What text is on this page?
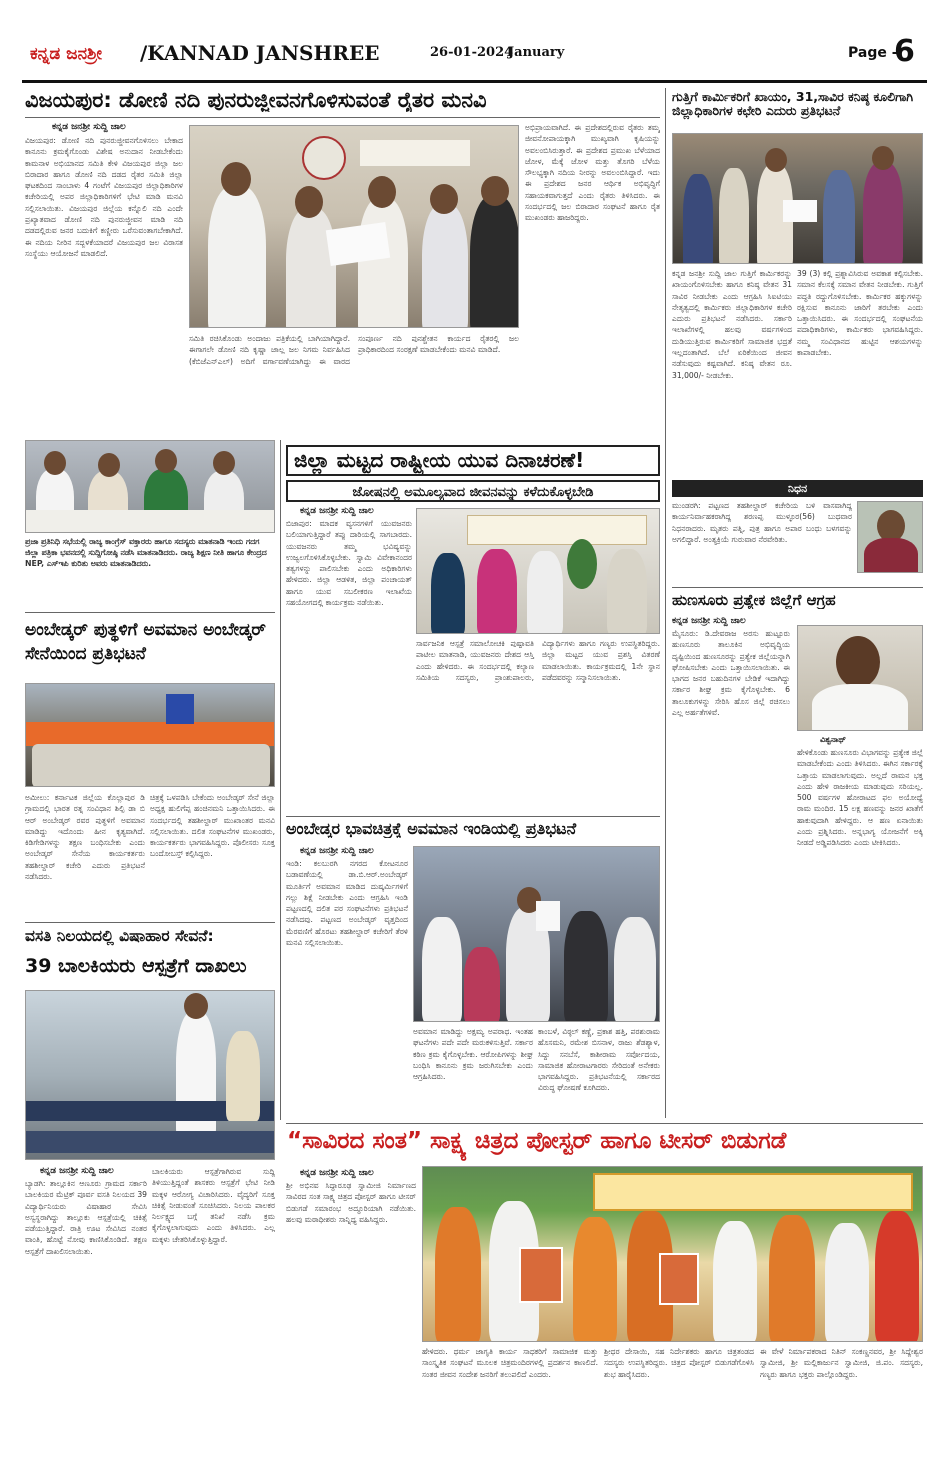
ಕನ್ನಡ ಜನಶ್ರೀ /KANNAD JANSHREE	26-01-2024
January	Page -
6
ವಿಜಯಪುರ: ಡೋಣಿ ನದಿ ಪುನರುಜ್ಜೀವನಗೊಳಿಸುವಂತೆ ರೈತರ ಮನವಿ
ಕನ್ನಡ ಜನಶ್ರೀ ಸುದ್ದಿ ಜಾಲ
ವಿಜಯಪುರ: ಡೋಣಿ ನದಿ ಪುನರುಜ್ಜೀವನಗೊಳಿಸಲು ಬೇಕಾದ ಕಾನೂನು ಕ್ರಮಕೈಗೊಂಡು ವಿಶೇಷ ಅನುದಾನ ನೀಡಬೇಕೆಂದು ಕಾಮನಾಳ ಅಭಿಯಾನದ ಸಮಿತಿ ಕೇಳಿ ವಿಜಯಪುರ ಜಿಲ್ಲಾ ಜಲ ಬಿರಾದಾರ ಹಾಗೂ ಡೋಣಿ ನದಿ ದಡದ ರೈತರ ಸಮಿತಿ ಜಿಲ್ಲಾ ಘಟಕದಿಂದ ಸಾಂಬಾಳು 4 ಗಂಟೆಗೆ ವಿಜಯಪುರ ಜಿಲ್ಲಾಧಿಕಾರಿಗಳ ಕಚೇರಿಯಲ್ಲಿ ಅಪರ ಜಿಲ್ಲಾಧಿಕಾರಿಗಳಿಗೆ ಭೇಟಿ ಮಾಡಿ ಮನವಿ ಸಲ್ಲಿಸಲಾಯಿತು. ವಿಜಯಪುರ ಜಿಲ್ಲೆಯ ಕನ್ನೊಲಿ ನದಿ ಎಂದೇ ಪ್ರಖ್ಯಾತವಾದ ಡೋಣಿ ನದಿ ಪುನರುಜ್ಜೀವನ ಮಾಡಿ ನದಿ ದಡದಲ್ಲಿರುವ ಜನರ ಬದುಕಿಗೆ ಕಣ್ಣೀರು ಒರೆಸುವಂತಾಗಬೇಕಾಗಿದೆ. ಈ ನದಿಯ ನೀರಿನ ಸದ್ಬಳಕೆಯಾದರೆ ವಿಜಯಪುರ ಜಲ ವಿರಾಸತ ಸಂಸ್ಥೆಯು ಆಯೋಜನೆ ಮಾಡಲಿದೆ.
ಸಮಿತಿ ರಚಿಸಿಕೊಂಡು ಅಂದಾಜು ಪತ್ರಿಕೆಯಲ್ಲಿ ಬಾಗಿಯಾಗಿದ್ದಾರೆ. ಈಗಾಗಲೇ ಡೋಣಿ ನದಿ ಕೃಷ್ಣಾ ಜಾಲ್ಲ ಜಲ ನಿಗಮ ನಿರ್ವಹಿಸಿದ (ಕೆಬಿಜೆಎನ್‌ಎಲ್) ಅದಿಗೆ ವರ್ಗಾವಣೆಯಾಗಿದ್ದು ಈ ವಾರದ ಸಂಪೂರ್ಣ ನದಿ ಪುನಶ್ಚೇತನ ಕಾರ್ಯದ ರೈತರಲ್ಲಿ ಜಲ ಪ್ರಾಧಿಕಾರದಿಂದ ಸಂರಕ್ಷಣೆ ಮಾಡಬೇಕೆಂದು ಮನವಿ ಮಾಡಿದೆ.
ಅಭಿಪ್ರಾಯವಾಗಿದೆ. ಈ ಪ್ರದೇಶದಲ್ಲಿರುವ ರೈತರು ತಮ್ಮ ಜೀವನೋಪಾಯಕ್ಕಾಗಿ ಮುಖ್ಯವಾಗಿ ಕೃಷಿಯನ್ನು ಅವಲಂಬಿಸಿರುತ್ತಾರೆ. ಈ ಪ್ರದೇಶದ ಪ್ರಮುಖ ಬೆಳೆಯಾದ ಜೋಳ, ಮೆಕ್ಕೆ ಜೋಳ ಮತ್ತು ತೊಗರಿ ಬೆಳೆಯ ಸೌಲಭ್ಯಕ್ಕಾಗಿ ನದಿಯ ನೀರನ್ನು ಅವಲಂಬಿಸಿದ್ದಾರೆ. ಇದು ಈ ಪ್ರದೇಶದ ಜನರ ಆರ್ಥಿಕ ಅಭಿವೃದ್ಧಿಗೆ ಸಹಾಯಕವಾಗುತ್ತದೆ ಎಂದು ರೈತರು ತಿಳಿಸಿದರು. ಈ ಸಂದರ್ಭದಲ್ಲಿ ಜಲ ಬಿರಾದಾರ ಸಂಘಟನೆ ಹಾಗೂ ರೈತ ಮುಖಂಡರು ಹಾಜರಿದ್ದರು.
ಗುತ್ತಿಗೆ ಕಾರ್ಮಿಕರಿಗೆ ಖಾಯಂ, 31,ಸಾವಿರ ಕನಿಷ್ಠ ಕೂಲಿಗಾಗಿ ಜಿಲ್ಲಾಧಿಕಾರಿಗಳ ಕಛೇರಿ ಎದುರು ಪ್ರತಿಭಟನೆ
ಕನ್ನಡ ಜನಶ್ರೀ ಸುದ್ದಿ ಜಾಲ ಗುತ್ತಿಗೆ ಕಾರ್ಮಿಕರನ್ನು ಖಾಯಂಗೊಳಿಸಬೇಕು ಹಾಗೂ ಕನಿಷ್ಠ ವೇತನ 31 ಸಾವಿರ ನೀಡಬೇಕು ಎಂದು ಆಗ್ರಹಿಸಿ ಸಿಐಟಿಯು ನೇತೃತ್ವದಲ್ಲಿ ಕಾರ್ಮಿಕರು ಜಿಲ್ಲಾಧಿಕಾರಿಗಳ ಕಚೇರಿ ಎದುರು ಪ್ರತಿಭಟನೆ ನಡೆಸಿದರು. ಸರ್ಕಾರಿ ಇಲಾಖೆಗಳಲ್ಲಿ ಹಲವು ವರ್ಷಗಳಿಂದ ದುಡಿಯುತ್ತಿರುವ ಕಾರ್ಮಿಕರಿಗೆ ಸಾಮಾಜಿಕ ಭದ್ರತೆ ಇಲ್ಲದಂತಾಗಿದೆ. ಬೆಲೆ ಏರಿಕೆಯಿಂದ ಜೀವನ ನಡೆಸುವುದು ಕಷ್ಟವಾಗಿದೆ. ಕನಿಷ್ಠ ವೇತನ ರೂ. 31,000/- ನೀಡಬೇಕು.
39 (3) ಕಲ್ಲಿ ಪ್ರಶ್ನಾವಿಸಿರುವ ಅವಕಾಶ ಕಲ್ಪಿಸಬೇಕು. ಸಮಾನ ಕೆಲಸಕ್ಕೆ ಸಮಾನ ವೇತನ ನೀಡಬೇಕು. ಗುತ್ತಿಗೆ ಪದ್ಧತಿ ರದ್ದುಗೊಳಿಸಬೇಕು. ಕಾರ್ಮಿಕರ ಹಕ್ಕುಗಳನ್ನು ರಕ್ಷಿಸುವ ಕಾನೂನು ಜಾರಿಗೆ ತರಬೇಕು ಎಂದು ಒತ್ತಾಯಿಸಿದರು. ಈ ಸಂದರ್ಭದಲ್ಲಿ ಸಂಘಟನೆಯ ಪದಾಧಿಕಾರಿಗಳು, ಕಾರ್ಮಿಕರು ಭಾಗವಹಿಸಿದ್ದರು. ನಮ್ಮ ಸಂವಿಧಾನದ ಹುಟ್ಟಿನ ಆಶಯಗಳನ್ನು ಕಾಪಾಡಬೇಕು.
ನಿಧನ
ಮುಂಡರಗಿ: ಪಟ್ಟಣದ ತಹಶೀಲ್ದಾರ್ ಕಚೇರಿಯ ಬಳಿ ವಾಸವಾಗಿದ್ದ ಕಾರ್ಯನಿರ್ವಾಹಕರಾಗಿದ್ದ ಶರಣಪ್ಪ ಮುಳ್ಳೂರ(56) ಬುಧವಾರ ನಿಧನರಾದರು. ಮೃತರು ಪತ್ನಿ, ಪುತ್ರ ಹಾಗೂ ಅಪಾರ ಬಂಧು ಬಳಗವನ್ನು ಅಗಲಿದ್ದಾರೆ. ಅಂತ್ಯಕ್ರಿಯೆ ಗುರುವಾರ ನೆರವೇರಿತು.
ಹುಣಸೂರು ಪ್ರತ್ಯೇಕ ಜಿಲ್ಲೆಗೆ ಆಗ್ರಹ
ಕನ್ನಡ ಜನಶ್ರೀ ಸುದ್ದಿ ಜಾಲ
ಮೈಸೂರು: ಡಿ.ದೇವರಾಜ ಅರಸು ಹುಟ್ಟೂರು ಹುಣಸೂರು ತಾಲೂಕಿನ ಅಭಿವೃದ್ಧಿಯ ದೃಷ್ಟಿಯಿಂದ ಹುಣಸೂರನ್ನು ಪ್ರತ್ಯೇಕ ಜಿಲ್ಲೆಯನ್ನಾಗಿ ಘೋಷಿಸಬೇಕು ಎಂದು ಒತ್ತಾಯಿಸಲಾಯಿತು. ಈ ಭಾಗದ ಜನರ ಬಹುದಿನಗಳ ಬೇಡಿಕೆ ಇದಾಗಿದ್ದು ಸರ್ಕಾರ ಶೀಘ್ರ ಕ್ರಮ ಕೈಗೊಳ್ಳಬೇಕು. 6 ತಾಲೂಕುಗಳನ್ನು ಸೇರಿಸಿ ಹೊಸ ಜಿಲ್ಲೆ ರಚಿಸಲು ಎಲ್ಲ ಅರ್ಹತೆಗಳಿವೆ.
ವಿಶ್ವನಾಥ್
ಹೇಳಿಕೊಂಡು ಹುಣಸೂರು ವಿಭಾಗವನ್ನು ಪ್ರತ್ಯೇಕ ಜಿಲ್ಲೆ ಮಾಡಬೇಕೆಂದು ಎಂದು ತಿಳಿಸಿದರು. ಈಗಿನ ಸರ್ಕಾರಕ್ಕೆ ಒತ್ತಾಯ ಮಾಡಲಾಗುವುದು. ಅಲ್ಲದೆ ರಾಮನ ಭಕ್ತ ಎಂದು ಹೇಳಿ ರಾಜಕೀಯ ಮಾಡುವುದು ಸರಿಯಲ್ಲ. 500 ವರ್ಷಗಳ ಹೋರಾಟದ ಫಲ ಅಯೋಧ್ಯೆ ರಾಮ ಮಂದಿರ. 15 ಲಕ್ಷ ಹಣವನ್ನು ಜನರ ಖಾತೆಗೆ ಹಾಕುವುದಾಗಿ ಹೇಳಿದ್ದರು. ಆ ಹಣ ಏನಾಯಿತು ಎಂದು ಪ್ರಶ್ನಿಸಿದರು. ಅನ್ನಭಾಗ್ಯ ಯೋಜನೆಗೆ ಅಕ್ಕಿ ನೀಡದೆ ಅಡ್ಡಿಪಡಿಸಿದರು ಎಂದು ಟೀಕಿಸಿದರು.
ಪ್ರಜಾ ಪ್ರತಿನಿಧಿ ಸಭೆಯಲ್ಲಿ ರಾಜ್ಯ ಕಾಂಗ್ರೆಸ್ ವಕ್ತಾರರು ಹಾಗೂ ಸದಸ್ಯರು ಮಾತನಾಡಿ ಇಂದು ಗದಗ ಜಿಲ್ಲಾ ಪತ್ರಿಕಾ ಭವನದಲ್ಲಿ ಸುದ್ದಿಗೋಷ್ಠಿ ನಡೆಸಿ ಮಾತನಾಡಿದರು. ರಾಜ್ಯ ಶಿಕ್ಷಣ ನೀತಿ ಹಾಗೂ ಕೇಂದ್ರದ NEP, ಎಸ್‌ಇಪಿ ಕುರಿತು ಅವರು ಮಾತನಾಡಿದರು.
ಜಿಲ್ಲಾ ಮಟ್ಟದ ರಾಷ್ಟ್ರೀಯ ಯುವ ದಿನಾಚರಣೆ!
ಜೋಷನಲ್ಲಿ ಅಮೂಲ್ಯವಾದ ಜೀವನವನ್ನು ಕಳೆದುಕೊಳ್ಳಬೇಡಿ
ಕನ್ನಡ ಜನಶ್ರೀ ಸುದ್ದಿ ಜಾಲ
ಬಿಜಾಪುರ: ಮಾದಕ ವ್ಯಸನಗಳಿಗೆ ಯುವಜನರು ಬಲಿಯಾಗುತ್ತಿದ್ದಾರೆ ತಪ್ಪು ದಾರಿಯಲ್ಲಿ ಸಾಗಬಾರದು. ಯುವಜನರು ತಮ್ಮ ಭವಿಷ್ಯವನ್ನು ಉಜ್ವಲಗೊಳಿಸಿಕೊಳ್ಳಬೇಕು. ಸ್ವಾಮಿ ವಿವೇಕಾನಂದರ ತತ್ವಗಳನ್ನು ಪಾಲಿಸಬೇಕು ಎಂದು ಅಧಿಕಾರಿಗಳು ಹೇಳಿದರು. ಜಿಲ್ಲಾ ಆಡಳಿತ, ಜಿಲ್ಲಾ ಪಂಚಾಯತ್ ಹಾಗೂ ಯುವ ಸಬಲೀಕರಣ ಇಲಾಖೆಯ ಸಹಯೋಗದಲ್ಲಿ ಕಾರ್ಯಕ್ರಮ ನಡೆಯಿತು.
ಸಾರ್ವಜನಿಕ ಆಸ್ಪತ್ರೆ ಸಮಾಲೋಚಕಿ ಪುಷ್ಪಾವತಿ ಪಾಟೀಲ ಮಾತನಾಡಿ, ಯುವಜನರು ದೇಶದ ಆಸ್ತಿ ಎಂದು ಹೇಳಿದರು. ಈ ಸಂದರ್ಭದಲ್ಲಿ ಕಲ್ಯಾಣ ಸಮಿತಿಯ ಸದಸ್ಯರು, ಪ್ರಾಂಶುಪಾಲರು, ವಿದ್ಯಾರ್ಥಿಗಳು ಹಾಗೂ ಗಣ್ಯರು ಉಪಸ್ಥಿತರಿದ್ದರು. ಜಿಲ್ಲಾ ಮಟ್ಟದ ಯುವ ಪ್ರಶಸ್ತಿ ವಿತರಣೆ ಮಾಡಲಾಯಿತು. ಕಾರ್ಯಕ್ರಮದಲ್ಲಿ 1ನೇ ಸ್ಥಾನ ಪಡೆದವರನ್ನು ಸನ್ಮಾನಿಸಲಾಯಿತು.
ಅಂಬೇಡ್ಕರ್ ಪುತ್ಥಳಿಗೆ ಅವಮಾನ ಅಂಬೇಡ್ಕರ್ ಸೇನೆಯಿಂದ ಪ್ರತಿಭಟನೆ
ಅಮೀಲು: ಕರ್ನಾಟಕ ಜಿಲ್ಲೆಯ ಕೊಲ್ಲಾಪುರ ಡಿ ಗ್ರಾಮದಲ್ಲಿ ಭಾರತ ರತ್ನ ಸಂವಿಧಾನ ಶಿಲ್ಪಿ ಡಾ ಬಿ ಆರ್ ಅಂಬೇಡ್ಕರ್ ರವರ ಪುತ್ಥಳಿಗೆ ಅವಮಾನ ಮಾಡಿದ್ದು ಇದೊಂದು ಹೀನ ಕೃತ್ಯವಾಗಿದೆ. ಕಿಡಿಗೇಡಿಗಳನ್ನು ತಕ್ಷಣ ಬಂಧಿಸಬೇಕು ಎಂದು ಅಂಬೇಡ್ಕರ್ ಸೇನೆಯ ಕಾರ್ಯಕರ್ತರು ತಹಶೀಲ್ದಾರ್ ಕಚೇರಿ ಎದುರು ಪ್ರತಿಭಟನೆ ನಡೆಸಿದರು.
ಚಿತ್ರಕ್ಕೆ ಒಳಪಡಿಸಿ ಬೇಕೆಂದು ಅಂಬೇಡ್ಕರ್ ಸೇನೆ ಜಿಲ್ಲಾ ಅಧ್ಯಕ್ಷ ಹುಲಿಗೆಪ್ಪ ಹಂಚಿನಮನಿ ಒತ್ತಾಯಿಸಿದರು. ಈ ಸಂದರ್ಭದಲ್ಲಿ ತಹಶೀಲ್ದಾರ್ ಮುಖಾಂತರ ಮನವಿ ಸಲ್ಲಿಸಲಾಯಿತು. ದಲಿತ ಸಂಘಟನೆಗಳ ಮುಖಂಡರು, ಕಾರ್ಯಕರ್ತರು ಭಾಗವಹಿಸಿದ್ದರು. ಪೊಲೀಸರು ಸೂಕ್ತ ಬಂದೋಬಸ್ತ್ ಕಲ್ಪಿಸಿದ್ದರು.
ಅಂಬೇಡ್ಕರ ಭಾವಚಿತ್ರಕ್ಕೆ ಅವಮಾನ ಇಂಡಿಯಲ್ಲಿ ಪ್ರತಿಭಟನೆ
ಕನ್ನಡ ಜನಶ್ರೀ ಸುದ್ದಿ ಜಾಲ
ಇಂಡಿ: ಕಲಬುರಗಿ ನಗರದ ಕೋಟನೂರ ಬಡಾವಣೆಯಲ್ಲಿ ಡಾ.ಬಿ.ಆರ್.ಅಂಬೇಡ್ಕರ್ ಮೂರ್ತಿಗೆ ಅವಮಾನ ಮಾಡಿದ ದುಷ್ಕರ್ಮಿಗಳಿಗೆ ಗಲ್ಲು ಶಿಕ್ಷೆ ನೀಡಬೇಕು ಎಂದು ಆಗ್ರಹಿಸಿ ಇಂಡಿ ಪಟ್ಟಣದಲ್ಲಿ ದಲಿತ ಪರ ಸಂಘಟನೆಗಳು ಪ್ರತಿಭಟನೆ ನಡೆಸಿದವು. ಪಟ್ಟಣದ ಅಂಬೇಡ್ಕರ್ ವೃತ್ತದಿಂದ ಮೆರವಣಿಗೆ ಹೊರಟು ತಹಶೀಲ್ದಾರ್ ಕಚೇರಿಗೆ ತೆರಳಿ ಮನವಿ ಸಲ್ಲಿಸಲಾಯಿತು.
ಅವಮಾನ ಮಾಡಿದ್ದು ಅಕ್ಷಮ್ಯ ಅಪರಾಧ. ಇಂತಹ ಘಟನೆಗಳು ಪದೇ ಪದೇ ಮರುಕಳಿಸುತ್ತಿವೆ. ಸರ್ಕಾರ ಕಠಿಣ ಕ್ರಮ ಕೈಗೊಳ್ಳಬೇಕು. ಆರೋಪಿಗಳನ್ನು ಶೀಘ್ರ ಬಂಧಿಸಿ ಕಾನೂನು ಕ್ರಮ ಜರುಗಿಸಬೇಕು ಎಂದು ಆಗ್ರಹಿಸಿದರು.
ಕಾಂಬಳೆ, ವಿಠ್ಠಲ್ ಕಣ್ಣೆ, ಪ್ರಕಾಶ ಹತ್ತಿ, ಪರಶುರಾಮ ಹೊಸಮನಿ, ರಮೇಶ ಬಿಸನಾಳ, ರಾಜು ಶೆಡಶ್ಯಾಳ, ಸಿದ್ದು ಸನಬೆಸೆ, ಕಾಶೀರಾಮ ಸರ್ವೋದಯ, ಸಾಮಾಜಿಕ ಹೋರಾಟಗಾರರು ಸೇರಿದಂತೆ ಅನೇಕರು ಭಾಗವಹಿಸಿದ್ದರು. ಪ್ರತಿಭಟನೆಯಲ್ಲಿ ಸರ್ಕಾರದ ವಿರುದ್ಧ ಘೋಷಣೆ ಕೂಗಿದರು.
ವಸತಿ ನಿಲಯದಲ್ಲಿ ವಿಷಾಹಾರ ಸೇವನೆ:
39 ಬಾಲಕಿಯರು ಆಸ್ಪತ್ರೆಗೆ ದಾಖಲು
ಕನ್ನಡ ಜನಶ್ರೀ ಸುದ್ದಿ ಜಾಲ
ಬ್ಯಾಡಗಿ: ತಾಲ್ಲೂಕಿನ ಆಣೂರು ಗ್ರಾಮದ ಸರ್ಕಾರಿ ಬಾಲಕಿಯರ ಮೆಟ್ರಿಕ್ ಪೂರ್ವ ವಸತಿ ನಿಲಯದ 39 ವಿದ್ಯಾರ್ಥಿನಿಯರು ವಿಷಾಹಾರ ಸೇವಿಸಿ ಅಸ್ವಸ್ಥರಾಗಿದ್ದು ತಾಲ್ಲೂಕು ಆಸ್ಪತ್ರೆಯಲ್ಲಿ ಚಿಕಿತ್ಸೆ ಪಡೆಯುತ್ತಿದ್ದಾರೆ. ರಾತ್ರಿ ಊಟ ಸೇವಿಸಿದ ನಂತರ ವಾಂತಿ, ಹೊಟ್ಟೆ ನೋವು ಕಾಣಿಸಿಕೊಂಡಿದೆ. ತಕ್ಷಣ ಆಸ್ಪತ್ರೆಗೆ ದಾಖಲಿಸಲಾಯಿತು.
ಬಾಲಕಿಯರು ಆಸ್ಪತ್ರೆಗಾಗಿರುವ ಸುದ್ದಿ ತಿಳಿಯುತ್ತಿದ್ದಂತೆ ಶಾಸಕರು ಆಸ್ಪತ್ರೆಗೆ ಭೇಟಿ ನೀಡಿ ಮಕ್ಕಳ ಆರೋಗ್ಯ ವಿಚಾರಿಸಿದರು. ವೈದ್ಯರಿಗೆ ಸೂಕ್ತ ಚಿಕಿತ್ಸೆ ನೀಡುವಂತೆ ಸೂಚಿಸಿದರು. ನಿಲಯ ಪಾಲಕರ ನಿರ್ಲಕ್ಷ್ಯದ ಬಗ್ಗೆ ತನಿಖೆ ನಡೆಸಿ ಕ್ರಮ ಕೈಗೊಳ್ಳಲಾಗುವುದು ಎಂದು ತಿಳಿಸಿದರು. ಎಲ್ಲ ಮಕ್ಕಳು ಚೇತರಿಸಿಕೊಳ್ಳುತ್ತಿದ್ದಾರೆ.
“ಸಾವಿರದ ಸಂತ” ಸಾಕ್ಷ್ಯ ಚಿತ್ರದ ಪೋಸ್ಟರ್ ಹಾಗೂ ಟೀಸರ್ ಬಿಡುಗಡೆ
ಕನ್ನಡ ಜನಶ್ರೀ ಸುದ್ದಿ ಜಾಲ
ಶ್ರೀ ಅಭಿನವ ಸಿದ್ಧಾರೂಢ ಸ್ವಾಮೀಜಿ ನಿರ್ಮಾಣದ ಸಾವಿರದ ಸಂತ ಸಾಕ್ಷ್ಯ ಚಿತ್ರದ ಪೋಸ್ಟರ್ ಹಾಗೂ ಟೀಸರ್ ಬಿಡುಗಡೆ ಸಮಾರಂಭ ಅದ್ಧೂರಿಯಾಗಿ ನಡೆಯಿತು. ಹಲವು ಮಠಾಧೀಶರು ಸಾನ್ನಿಧ್ಯ ವಹಿಸಿದ್ದರು.
ಹೇಳಿದರು. ಧರ್ಮ ಜಾಗೃತಿ ಕಾರ್ಯ ಸಾಧಕರಿಗೆ ಸಾಮಾಜಿಕ ಮತ್ತು ಸಾಂಸ್ಕೃತಿಕ ಸಂಘಟನೆ ಮೂಲಕ ಚಿತ್ರಮಂದಿರಗಳಲ್ಲಿ ಪ್ರದರ್ಶನ ಕಾಣಲಿದೆ. ಸಂತರ ಜೀವನ ಸಂದೇಶ ಜನರಿಗೆ ತಲುಪಲಿದೆ ಎಂದರು.
ಶ್ರೀಧರ ದೇಸಾಯಿ, ಸಹ ನಿರ್ದೇಶಕರು ಹಾಗೂ ಚಿತ್ರತಂಡದ ಸದಸ್ಯರು ಉಪಸ್ಥಿತರಿದ್ದರು. ಚಿತ್ರದ ಪೋಸ್ಟರ್ ಬಿಡುಗಡೆಗೊಳಿಸಿ ಶುಭ ಹಾರೈಸಿದರು.
ಈ ವೇಳೆ ನಿರ್ಮಾಪಕರಾದ ನಿತಿನ್ ಸಂಕಣ್ಣನವರ, ಶ್ರೀ ಸಿದ್ದೇಶ್ವರ ಸ್ವಾಮೀಜಿ, ಶ್ರೀ ಮಲ್ಲಿಕಾರ್ಜುನ ಸ್ವಾಮೀಜಿ, ಜಿ.ಪಂ. ಸದಸ್ಯರು, ಗಣ್ಯರು ಹಾಗೂ ಭಕ್ತರು ಪಾಲ್ಗೊಂಡಿದ್ದರು.
